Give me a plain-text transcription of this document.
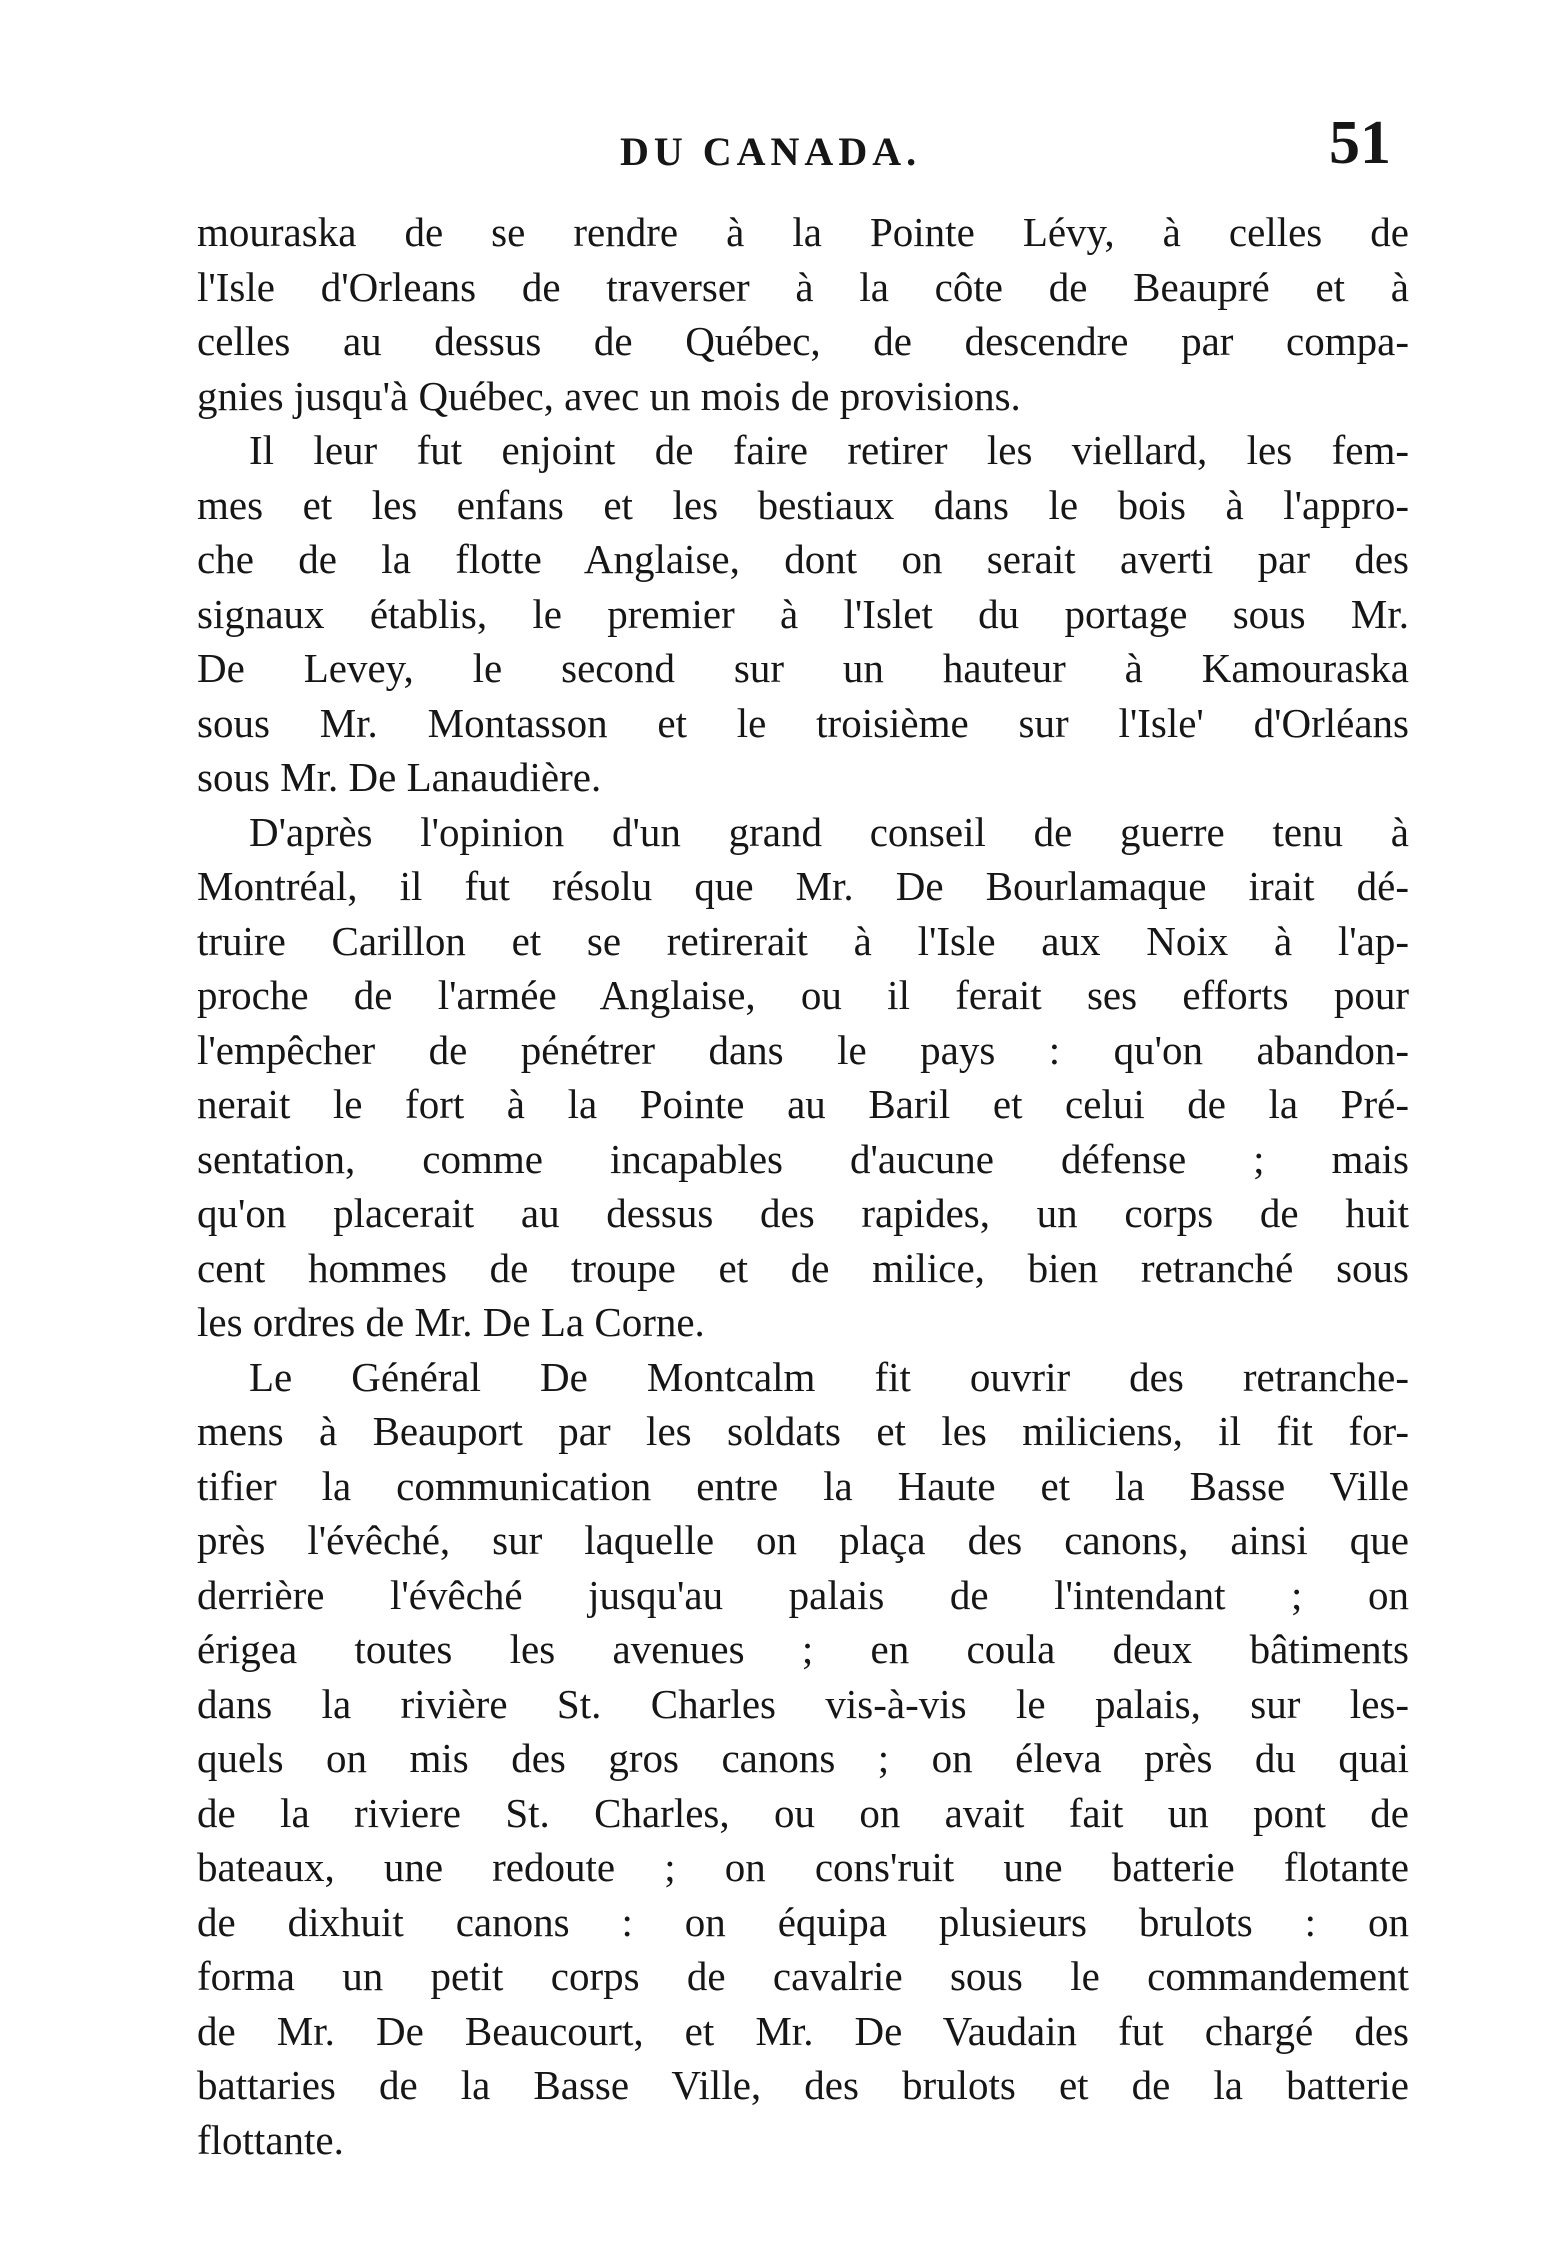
DU CANADA.	51
mouraska de se rendre à la Pointe Lévy, à celles de
l'Isle d'Orleans de traverser à la côte de Beaupré et à
celles au dessus de Québec, de descendre par compa-
gnies jusqu'à Québec, avec un mois de provisions.
Il leur fut enjoint de faire retirer les viellard, les fem-
mes et les enfans et les bestiaux dans le bois à l'appro-
che de la flotte Anglaise, dont on serait averti par des
signaux établis, le premier à l'Islet du portage sous Mr.
De Levey, le second sur un hauteur à Kamouraska
sous Mr. Montasson et le troisième sur l'Isle' d'Orléans
sous Mr. De Lanaudière.
D'après l'opinion d'un grand conseil de guerre tenu à
Montréal, il fut résolu que Mr. De Bourlamaque irait dé-
truire Carillon et se retirerait à l'Isle aux Noix à l'ap-
proche de l'armée Anglaise, ou il ferait ses efforts pour
l'empêcher de pénétrer dans le pays : qu'on abandon-
nerait le fort à la Pointe au Baril et celui de la Pré-
sentation, comme incapables d'aucune défense ; mais
qu'on placerait au dessus des rapides, un corps de huit
cent hommes de troupe et de milice, bien retranché sous
les ordres de Mr. De La Corne.
Le Général De Montcalm fit ouvrir des retranche-
mens à Beauport par les soldats et les miliciens, il fit for-
tifier la communication entre la Haute et la Basse Ville
près l'évêché, sur laquelle on plaça des canons, ainsi que
derrière l'évêché jusqu'au palais de l'intendant ; on
érigea toutes les avenues ; en coula deux bâtiments
dans la rivière St. Charles vis-à-vis le palais, sur les-
quels on mis des gros canons ; on éleva près du quai
de la riviere St. Charles, ou on avait fait un pont de
bateaux, une redoute ; on cons'ruit une batterie flotante
de dixhuit canons : on équipa plusieurs brulots : on
forma un petit corps de cavalrie sous le commandement
de Mr. De Beaucourt, et Mr. De Vaudain fut chargé des
battaries de la Basse Ville, des brulots et de la batterie
flottante.
